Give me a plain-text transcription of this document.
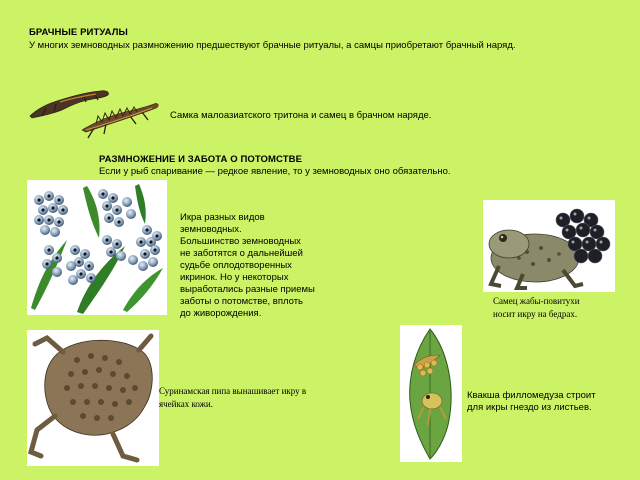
БРАЧНЫЕ РИТУАЛЫ
У многих земноводных размножению предшествуют брачные ритуалы, а самцы приобретают брачный наряд.
Самка малоазиатского тритона и самец в брачном наряде.
РАЗМНОЖЕНИЕ И ЗАБОТА О ПОТОМСТВЕ
Если у рыб спаривание — редкое явление, то у земноводных оно обязательно.
Икра разных видов
земноводных.
Большинство земноводных
не заботятся о дальнейшей
судьбе оплодотворенных
икринок. Но у некоторых
выработались разные приемы
заботы о потомстве, вплоть
до живорождения.
Самец жабы-повитухи
носит икру на бедрах.
Суринамская пипа вынашивает икру в
ячейках кожи.
Квакша филломедуза строит
для икры гнездо из листьев.
